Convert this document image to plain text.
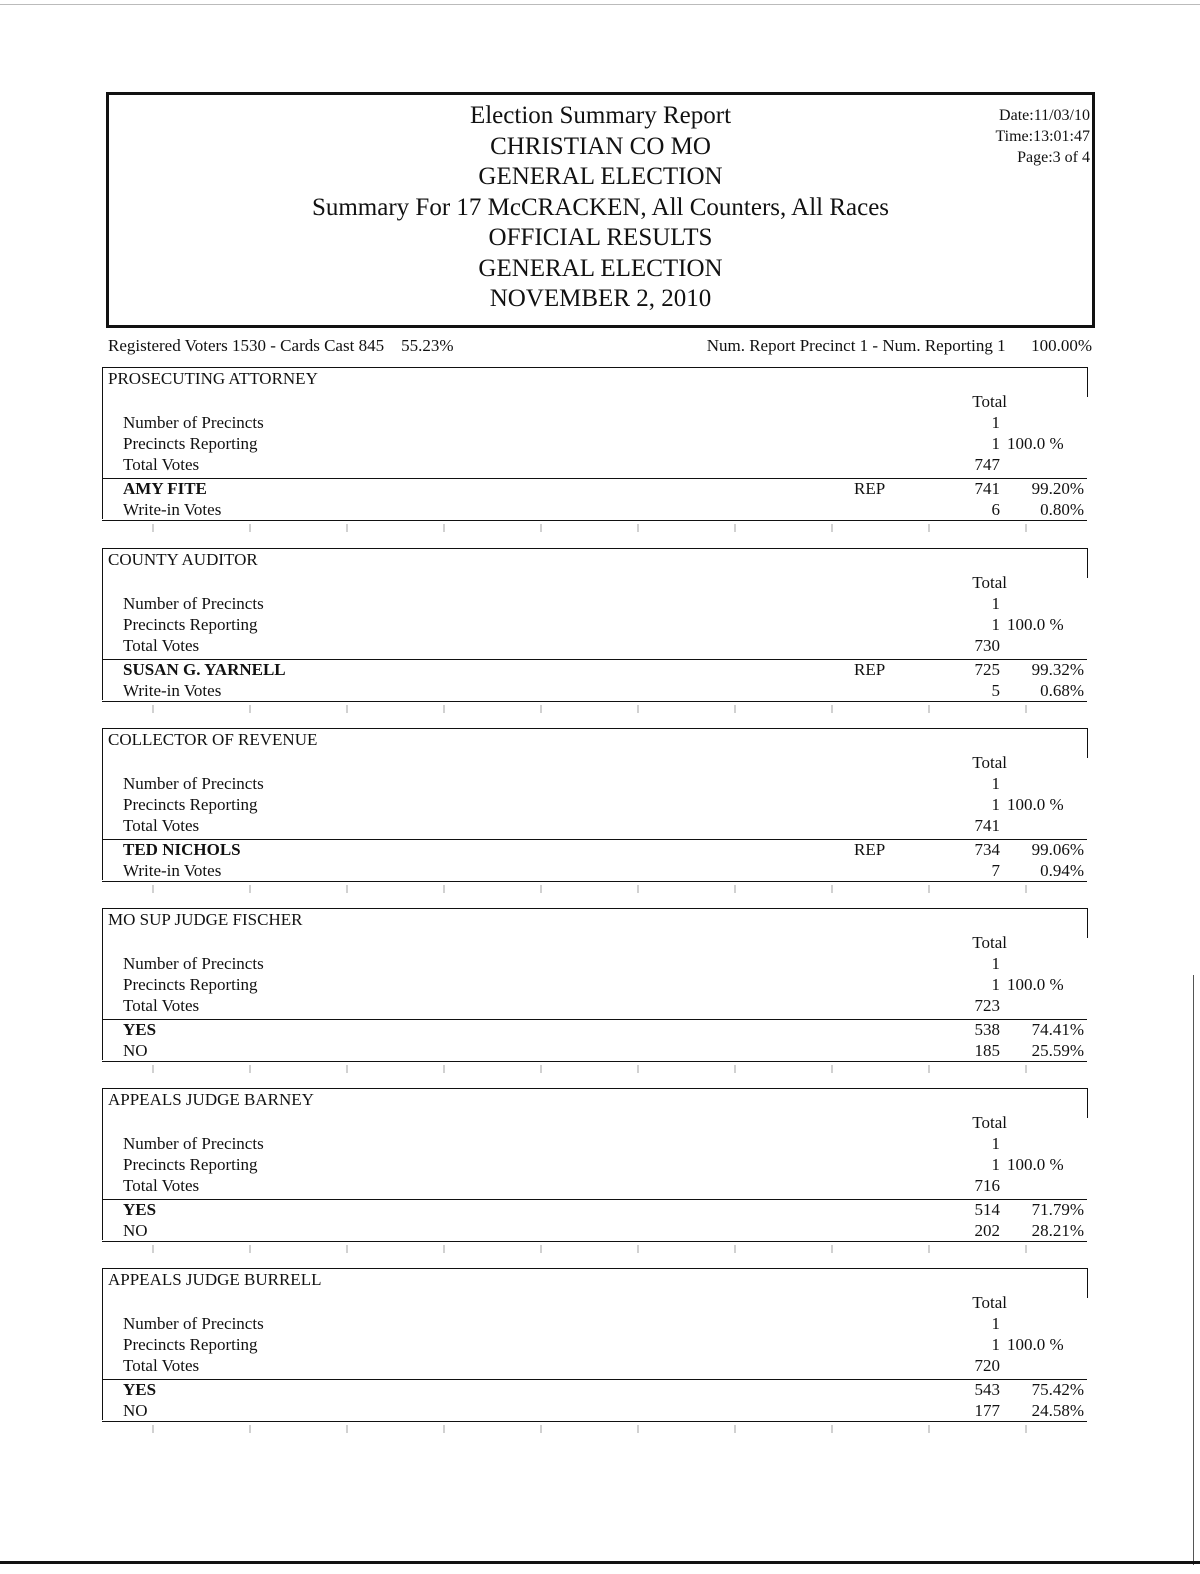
Election Summary Report
CHRISTIAN CO MO
GENERAL ELECTION
Summary For 17 McCRACKEN, All Counters, All Races
OFFICIAL RESULTS
GENERAL ELECTION
NOVEMBER 2, 2010
Date:11/03/10
Time:13:01:47
Page:3 of 4
Registered Voters 1530 - Cards Cast 845 55.23%	Num. Report Precinct 1 - Num. Reporting 1 100.00%
PROSECUTING ATTORNEY
Total
Number of Precincts	1
Precincts Reporting	1 100.0 %
Total Votes	747
AMY FITE	REP	741	99.20%
Write-in Votes	6	0.80%
COUNTY AUDITOR
Total
Number of Precincts	1
Precincts Reporting	1 100.0 %
Total Votes	730
SUSAN G. YARNELL	REP	725	99.32%
Write-in Votes	5	0.68%
COLLECTOR OF REVENUE
Total
Number of Precincts	1
Precincts Reporting	1 100.0 %
Total Votes	741
TED NICHOLS	REP	734	99.06%
Write-in Votes	7	0.94%
MO SUP JUDGE FISCHER
Total
Number of Precincts	1
Precincts Reporting	1 100.0 %
Total Votes	723
YES	538	74.41%
NO	185	25.59%
APPEALS JUDGE BARNEY
Total
Number of Precincts	1
Precincts Reporting	1 100.0 %
Total Votes	716
YES	514	71.79%
NO	202	28.21%
APPEALS JUDGE BURRELL
Total
Number of Precincts	1
Precincts Reporting	1 100.0 %
Total Votes	720
YES	543	75.42%
NO	177	24.58%
